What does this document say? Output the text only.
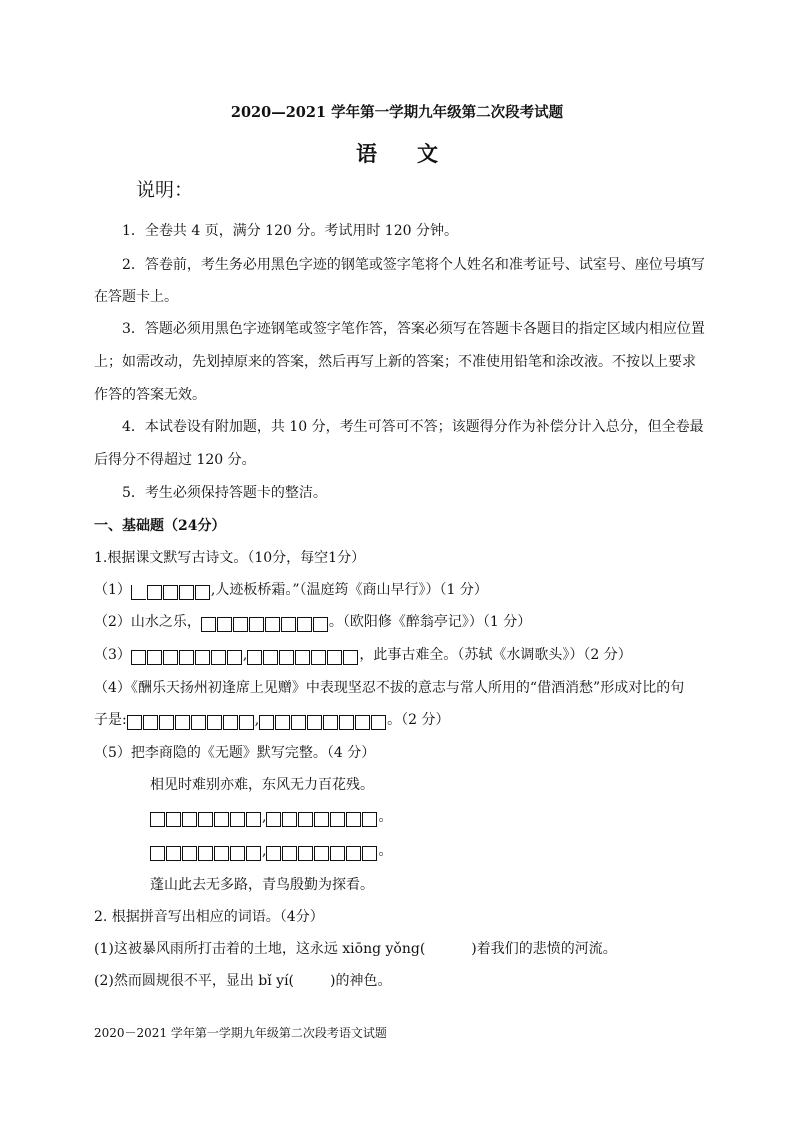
2020—2021 学年第一学期九年级第二次段考试题
语文
说明：
1．全卷共 4 页，满分 120 分。考试用时 120 分钟。
2．答卷前，考生务必用黑色字迹的钢笔或签字笔将个人姓名和准考证号、试室号、座位号填写
在答题卡上。
3．答题必须用黑色字迹钢笔或签字笔作答，答案必须写在答题卡各题目的指定区域内相应位置
上；如需改动，先划掉原来的答案，然后再写上新的答案；不准使用铅笔和涂改液。不按以上要求
作答的答案无效。
4．本试卷设有附加题，共 10 分，考生可答可不答；该题得分作为补偿分计入总分，但全卷最
后得分不得超过 120 分。
5．考生必须保持答题卡的整洁。
一、基础题（24分）
1.根据课文默写古诗文。（10分，每空1分）
（1）	,人迹板桥霜。”（温庭筠《商山早行》）（1 分）
（2）山水之乐，	。（欧阳修《醉翁亭记》）（1 分）
（3）	,	，此事古难全。（苏轼《水调歌头》）（2 分）
（4）《酬乐天扬州初逢席上见赠》中表现坚忍不拔的意志与常人所用的“借酒消愁”形成对比的句
子是:	,	。（2 分）
（5）把李商隐的《无题》默写完整。（4 分）
相见时难别亦难，东风无力百花残。
,	。
,	。
蓬山此去无多路，青鸟殷勤为探看。
2. 根据拼音写出相应的词语。（4分）
(1)这被暴风雨所打击着的土地，这永远 xiōng yǒng(	)着我们的悲愤的河流。
(2)然而圆规很不平，显出 bǐ yí(	)的神色。
2020－2021 学年第一学期九年级第二次段考语文试题
